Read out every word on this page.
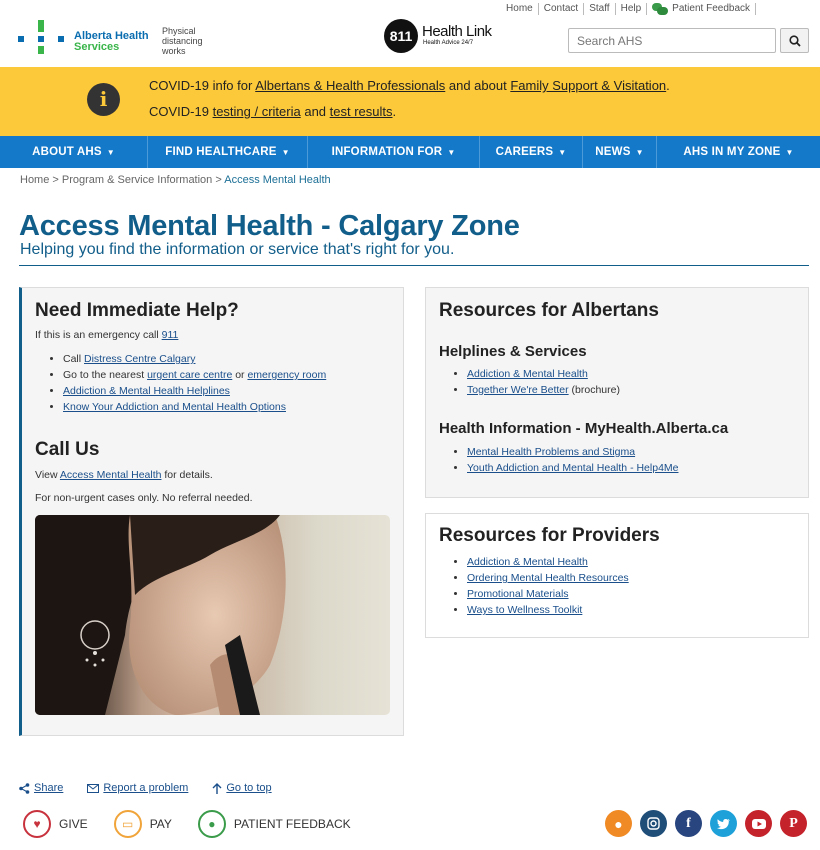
Alberta Health
Services
Physical
distancing
works
811 Health Link
Health Advice 24/7
Home	Contact	Staff	Help	Patient Feedback
Search AHS
i
COVID-19 info for Albertans & Health Professionals and about Family Support & Visitation.
COVID-19 testing / criteria and test results.
ABOUT AHS ▼	FIND HEALTHCARE ▼	INFORMATION FOR ▼	CAREERS ▼	NEWS ▼	AHS IN MY ZONE ▼
Home > Program & Service Information > Access Mental Health
Access Mental Health - Calgary Zone
Helping you find the information or service that's right for you.
Need Immediate Help?
If this is an emergency call 911
• Call Distress Centre Calgary
• Go to the nearest urgent care centre or emergency room
• Addiction & Mental Health Helplines
• Know Your Addiction and Mental Health Options
Call Us
View Access Mental Health for details.
For non-urgent cases only. No referral needed.
Resources for Albertans
Helplines & Services
• Addiction & Mental Health
• Together We're Better (brochure)
Health Information - MyHealth.Alberta.ca
• Mental Health Problems and Stigma
• Youth Addiction and Mental Health - Help4Me
Resources for Providers
• Addiction & Mental Health
• Ordering Mental Health Resources
• Promotional Materials
• Ways to Wellness Toolkit
Share	Report a problem	Go to top
♥	GIVE	▭	PAY	●	PATIENT FEEDBACK	●	f	P
